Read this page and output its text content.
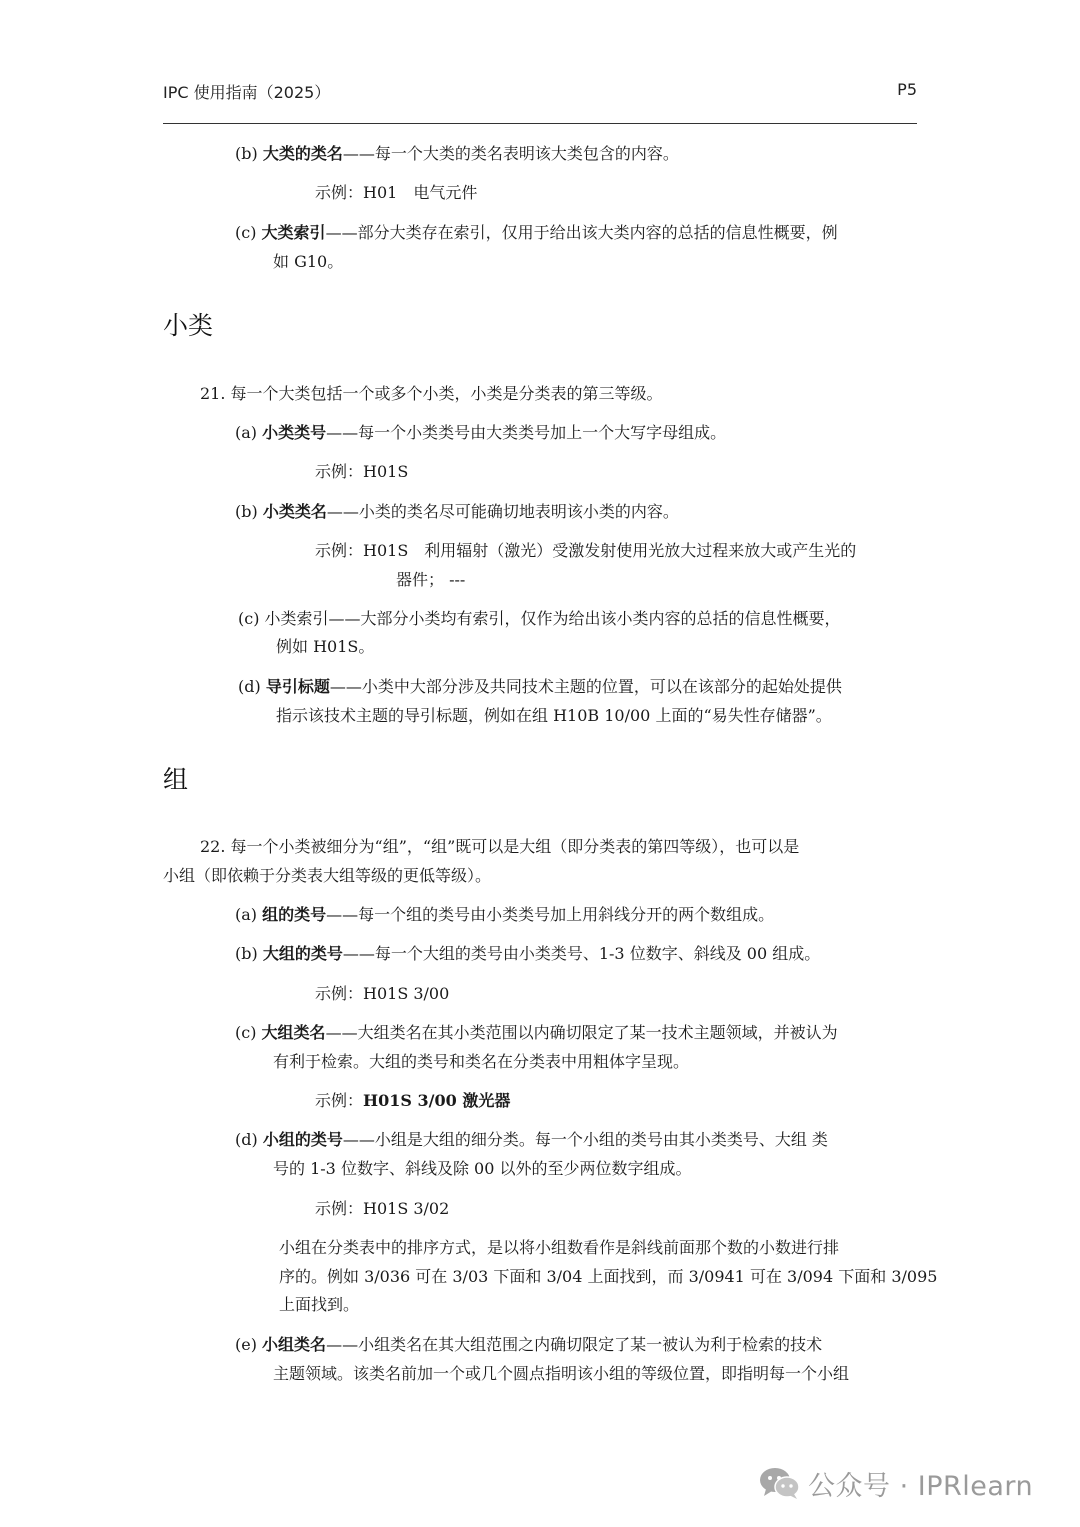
IPC 使用指南（2025）	P5
(b) 大类的类名——每一个大类的类名表明该大类包含的内容。
示例：H01　电气元件
(c) 大类索引——部分大类存在索引，仅用于给出该大类内容的总括的信息性概要，例
如 G10。
小类
21. 每一个大类包括一个或多个小类，小类是分类表的第三等级。
(a) 小类类号——每一个小类类号由大类类号加上一个大写字母组成。
示例：H01S
(b) 小类类名——小类的类名尽可能确切地表明该小类的内容。
示例：H01S　利用辐射（激光）受激发射使用光放大过程来放大或产生光的
器件； ---
(c) 小类索引——大部分小类均有索引，仅作为给出该小类内容的总括的信息性概要，
例如 H01S。
(d) 导引标题——小类中大部分涉及共同技术主题的位置，可以在该部分的起始处提供
指示该技术主题的导引标题，例如在组 H10B 10/00 上面的“易失性存储器”。
组
22. 每一个小类被细分为“组”，“组”既可以是大组（即分类表的第四等级），也可以是
小组（即依赖于分类表大组等级的更低等级）。
(a) 组的类号——每一个组的类号由小类类号加上用斜线分开的两个数组成。
(b) 大组的类号——每一个大组的类号由小类类号、1-3 位数字、斜线及 00 组成。
示例：H01S 3/00
(c) 大组类名——大组类名在其小类范围以内确切限定了某一技术主题领域，并被认为
有利于检索。大组的类号和类名在分类表中用粗体字呈现。
示例：H01S 3/00 激光器
(d) 小组的类号——小组是大组的细分类。每一个小组的类号由其小类类号、大组 类
号的 1-3 位数字、斜线及除 00 以外的至少两位数字组成。
示例：H01S 3/02
小组在分类表中的排序方式，是以将小组数看作是斜线前面那个数的小数进行排
序的。例如 3/036 可在 3/03 下面和 3/04 上面找到，而 3/0941 可在 3/094 下面和 3/095
上面找到。
(e) 小组类名——小组类名在其大组范围之内确切限定了某一被认为利于检索的技术
主题领域。该类名前加一个或几个圆点指明该小组的等级位置，即指明每一个小组
公众号 · IPRlearn
